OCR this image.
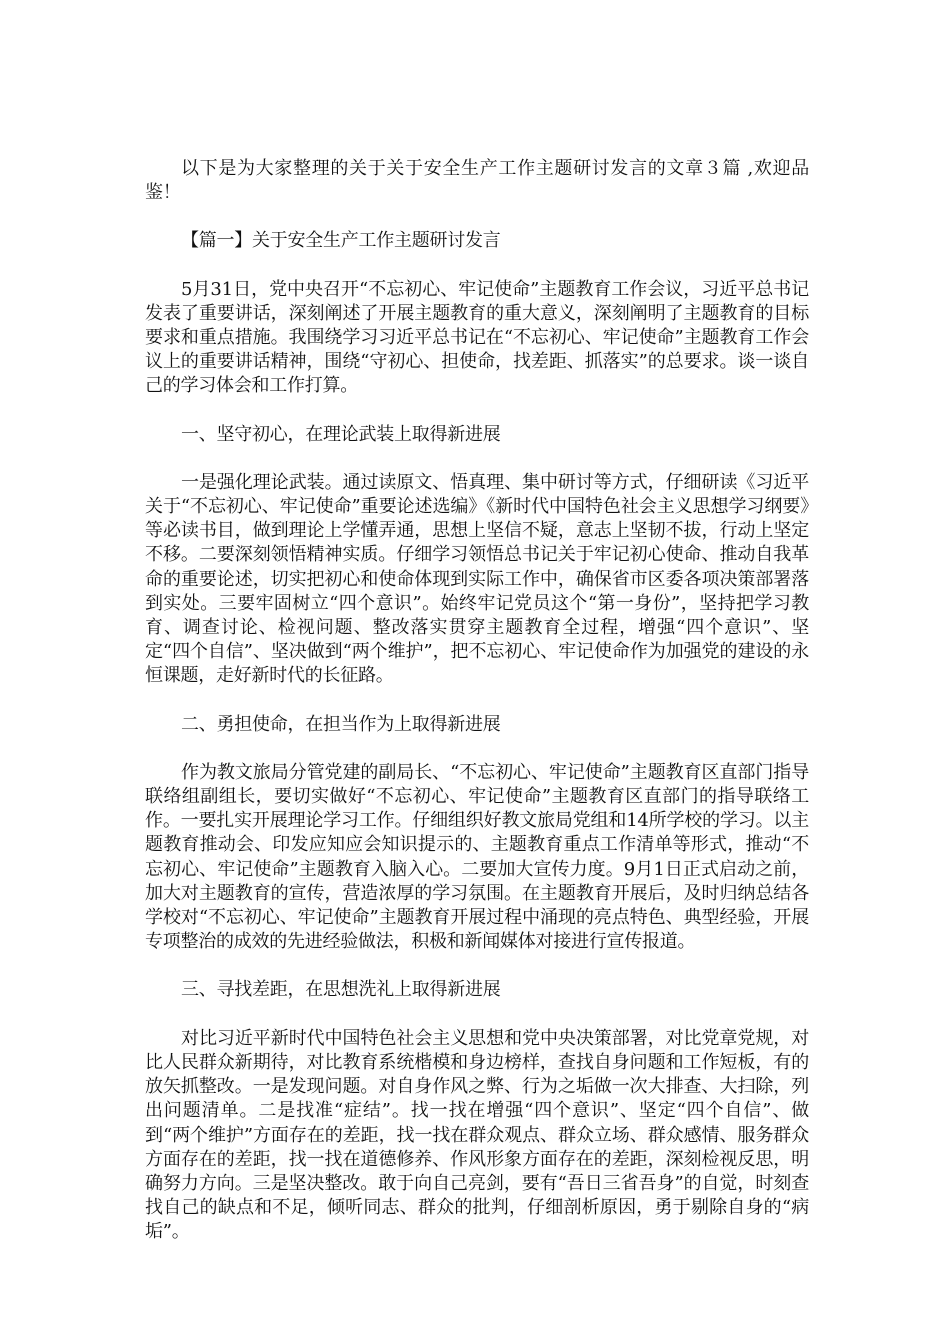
以下是为大家整理的关于关于安全生产工作主题研讨发言的文章３篇 ,欢迎品鉴！

【篇一】关于安全生产工作主题研讨发言

5月31日，党中央召开“不忘初心、牢记使命”主题教育工作会议，习近平总书记发表了重要讲话，深刻阐述了开展主题教育的重大意义，深刻阐明了主题教育的目标要求和重点措施。我围绕学习习近平总书记在“不忘初心、牢记使命”主题教育工作会议上的重要讲话精神，围绕“守初心、担使命，找差距、抓落实”的总要求。谈一谈自己的学习体会和工作打算。

一、坚守初心，在理论武装上取得新进展

一是强化理论武装。通过读原文、悟真理、集中研讨等方式，仔细研读《习近平关于“不忘初心、牢记使命”重要论述选编》《新时代中国特色社会主义思想学习纲要》等必读书目，做到理论上学懂弄通，思想上坚信不疑，意志上坚韧不拔，行动上坚定不移。二要深刻领悟精神实质。仔细学习领悟总书记关于牢记初心使命、推动自我革命的重要论述，切实把初心和使命体现到实际工作中，确保省市区委各项决策部署落到实处。三要牢固树立“四个意识”。始终牢记党员这个“第一身份”，坚持把学习教育、调查讨论、检视问题、整改落实贯穿主题教育全过程，增强“四个意识”、坚定“四个自信”、坚决做到“两个维护”，把不忘初心、牢记使命作为加强党的建设的永恒课题，走好新时代的长征路。

二、勇担使命，在担当作为上取得新进展

作为教文旅局分管党建的副局长、“不忘初心、牢记使命”主题教育区直部门指导联络组副组长，要切实做好“不忘初心、牢记使命”主题教育区直部门的指导联络工作。一要扎实开展理论学习工作。仔细组织好教文旅局党组和14所学校的学习。以主题教育推动会、印发应知应会知识提示的、主题教育重点工作清单等形式，推动“不忘初心、牢记使命”主题教育入脑入心。二要加大宣传力度。9月1日正式启动之前，加大对主题教育的宣传，营造浓厚的学习氛围。在主题教育开展后，及时归纳总结各学校对“不忘初心、牢记使命”主题教育开展过程中涌现的亮点特色、典型经验，开展专项整治的成效的先进经验做法，积极和新闻媒体对接进行宣传报道。

三、寻找差距，在思想洗礼上取得新进展

对比习近平新时代中国特色社会主义思想和党中央决策部署，对比党章党规，对比人民群众新期待，对比教育系统楷模和身边榜样，查找自身问题和工作短板，有的放矢抓整改。一是发现问题。对自身作风之弊、行为之垢做一次大排查、大扫除，列出问题清单。二是找准“症结”。找一找在增强“四个意识”、坚定“四个自信”、做到“两个维护”方面存在的差距，找一找在群众观点、群众立场、群众感情、服务群众方面存在的差距，找一找在道德修养、作风形象方面存在的差距，深刻检视反思，明确努力方向。三是坚决整改。敢于向自己亮剑，要有“吾日三省吾身”的自觉，时刻查找自己的缺点和不足，倾听同志、群众的批判，仔细剖析原因，勇于剔除自身的“病垢”。
